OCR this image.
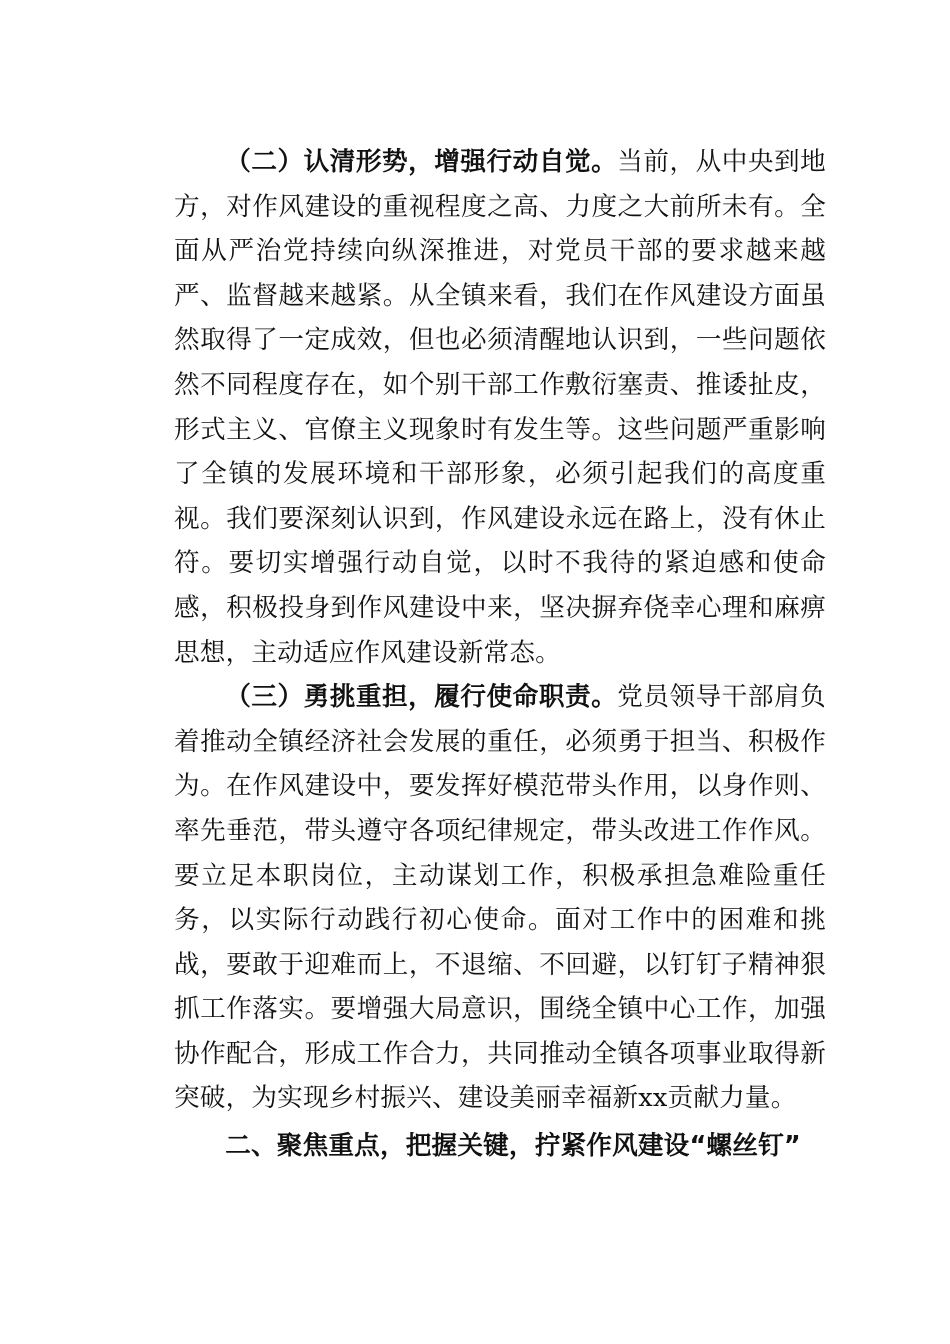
（二）认清形势，增强行动自觉。当前，从中央到地方，对作风建设的重视程度之高、力度之大前所未有。全面从严治党持续向纵深推进，对党员干部的要求越来越严、监督越来越紧。从全镇来看，我们在作风建设方面虽然取得了一定成效，但也必须清醒地认识到，一些问题依然不同程度存在，如个别干部工作敷衍塞责、推诿扯皮，形式主义、官僚主义现象时有发生等。这些问题严重影响了全镇的发展环境和干部形象，必须引起我们的高度重视。我们要深刻认识到，作风建设永远在路上，没有休止符。要切实增强行动自觉，以时不我待的紧迫感和使命感，积极投身到作风建设中来，坚决摒弃侥幸心理和麻痹思想，主动适应作风建设新常态。

（三）勇挑重担，履行使命职责。党员领导干部肩负着推动全镇经济社会发展的重任，必须勇于担当、积极作为。在作风建设中，要发挥好模范带头作用，以身作则、率先垂范，带头遵守各项纪律规定，带头改进工作作风。要立足本职岗位，主动谋划工作，积极承担急难险重任务，以实际行动践行初心使命。面对工作中的困难和挑战，要敢于迎难而上，不退缩、不回避，以钉钉子精神狠抓工作落实。要增强大局意识，围绕全镇中心工作，加强协作配合，形成工作合力，共同推动全镇各项事业取得新突破，为实现乡村振兴、建设美丽幸福新xx贡献力量。

二、聚焦重点，把握关键，拧紧作风建设“螺丝钉”
